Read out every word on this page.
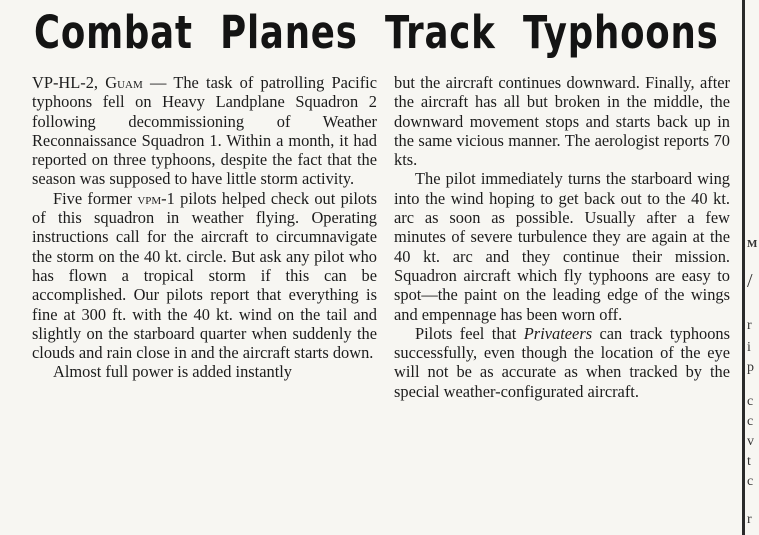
Combat Planes Track Typhoons

VP-HL-2, Guam — The task of patrolling Pacific typhoons fell on Heavy Landplane Squadron 2 following decommissioning of Weather Reconnaissance Squadron 1. Within a month, it had reported on three typhoons, despite the fact that the season was supposed to have little storm activity.

Five former vpm-1 pilots helped check out pilots of this squadron in weather flying. Operating instructions call for the aircraft to circumnavigate the storm on the 40 kt. circle. But ask any pilot who has flown a tropical storm if this can be accomplished. Our pilots report that everything is fine at 300 ft. with the 40 kt. wind on the tail and slightly on the starboard quarter when suddenly the clouds and rain close in and the aircraft starts down.

Almost full power is added instantly

but the aircraft continues downward. Finally, after the aircraft has all but broken in the middle, the downward movement stops and starts back up in the same vicious manner. The aerologist reports 70 kts.

The pilot immediately turns the starboard wing into the wind hoping to get back out to the 40 kt. arc as soon as possible. Usually after a few minutes of severe turbulence they are again at the 40 kt. arc and they continue their mission. Squadron aircraft which fly typhoons are easy to spot—the paint on the leading edge of the wings and empennage has been worn off.

Pilots feel that Privateers can track typhoons successfully, even though the location of the eye will not be as accurate as when tracked by the special weather-configurated aircraft.

M
/
r
i
p
c
c
v
t
c
r
